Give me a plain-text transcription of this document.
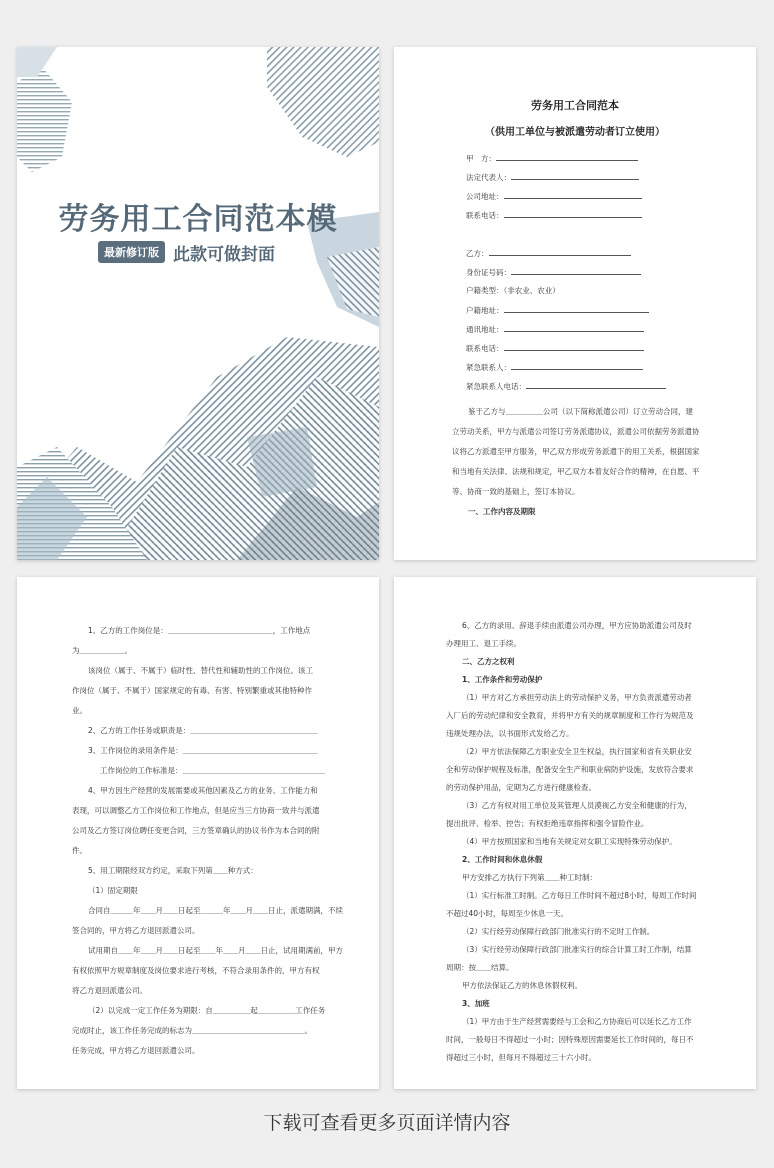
劳务用工合同范本模
最新修订版 此款可做封面
劳务用工合同范本
（供用工单位与被派遣劳动者订立使用）
甲　方：
法定代表人：
公司地址：
联系电话：
乙方：
身份证号码：
户籍类型：（非农业、农业）
户籍地址：
通讯地址：
联系电话：
紧急联系人：
紧急联系人电话：
鉴于乙方与＿＿＿＿＿公司（以下简称派遣公司）订立劳动合同，建
立劳动关系，甲方与派遣公司签订劳务派遣协议，派遣公司依据劳务派遣协
议将乙方派遣至甲方服务，甲乙双方形成劳务派遣下的用工关系，根据国家
和当地有关法律、法规和规定，甲乙双方本着友好合作的精神，在自愿、平
等、协商一致的基础上，签订本协议。
一、工作内容及期限
1、乙方的工作岗位是：＿＿＿＿＿＿＿＿＿＿＿＿＿＿，工作地点
为＿＿＿＿＿＿。
该岗位（属于、不属于）临时性、替代性和辅助性的工作岗位。该工
作岗位（属于、不属于）国家规定的有毒、有害、特别繁重或其他特种作
业。
2、乙方的工作任务或职责是：＿＿＿＿＿＿＿＿＿＿＿＿＿＿＿＿＿
3、工作岗位的录用条件是：＿＿＿＿＿＿＿＿＿＿＿＿＿＿＿＿＿＿
工作岗位的工作标准是：＿＿＿＿＿＿＿＿＿＿＿＿＿＿＿＿＿＿＿
4、甲方因生产经营的发展需要或其他因素及乙方的业务、工作能力和
表现，可以调整乙方工作岗位和工作地点，但是应当三方协商一致并与派遣
公司及乙方签订岗位聘任变更合同，三方签章确认的协议书作为本合同的附
件。
5、用工期限经双方约定，采取下列第＿＿种方式：
（1）固定期限
合同自＿＿＿年＿＿月＿＿日起至＿＿＿年＿＿月＿＿日止，派遣期满，不续
签合同的，甲方将乙方退回派遣公司。
试用期自＿＿年＿＿月＿＿日起至＿＿年＿＿月＿＿日止，试用期满前，甲方
有权依照甲方规章制度及岗位要求进行考核，不符合录用条件的，甲方有权
将乙方退回派遣公司。
（2）以完成一定工作任务为期限：自＿＿＿＿＿起＿＿＿＿＿工作任务
完成时止，该工作任务完成的标志为＿＿＿＿＿＿＿＿＿＿＿＿＿＿＿。
任务完成，甲方将乙方退回派遣公司。
6、乙方的录用、辞退手续由派遣公司办理，甲方应协助派遣公司及时
办理用工、退工手续。
二、乙方之权利
1、工作条件和劳动保护
（1）甲方对乙方承担劳动法上的劳动保护义务，甲方负责派遣劳动者
入厂后的劳动纪律和安全教育，并将甲方有关的规章制度和工作行为规范及
违规处理办法，以书面形式发给乙方。
（2）甲方依法保障乙方职业安全卫生权益，执行国家和省有关职业安
全和劳动保护规程及标准，配备安全生产和职业病防护设施，发放符合要求
的劳动保护用品，定期为乙方进行健康检查。
（3）乙方有权对用工单位及其管理人员漠视乙方安全和健康的行为，
提出批评、检举、控告；有权拒绝违章指挥和强令冒险作业。
（4）甲方按照国家和当地有关规定对女职工实现特殊劳动保护。
2、工作时间和休息休假
甲方安排乙方执行下列第＿＿种工时制：
（1）实行标准工时制。乙方每日工作时间不超过8小时，每周工作时间
不超过40小时，每周至少休息一天。
（2）实行经劳动保障行政部门批准实行的不定时工作制。
（3）实行经劳动保障行政部门批准实行的综合计算工时工作制，结算
周期：按＿＿结算。
甲方依法保证乙方的休息休假权利。
3、加班
（1）甲方由于生产经营需要经与工会和乙方协商后可以延长乙方工作
时间，一般每日不得超过一小时；因特殊原因需要延长工作时间的，每日不
得超过三小时，但每月不得超过三十六小时。
下载可查看更多页面详情内容
